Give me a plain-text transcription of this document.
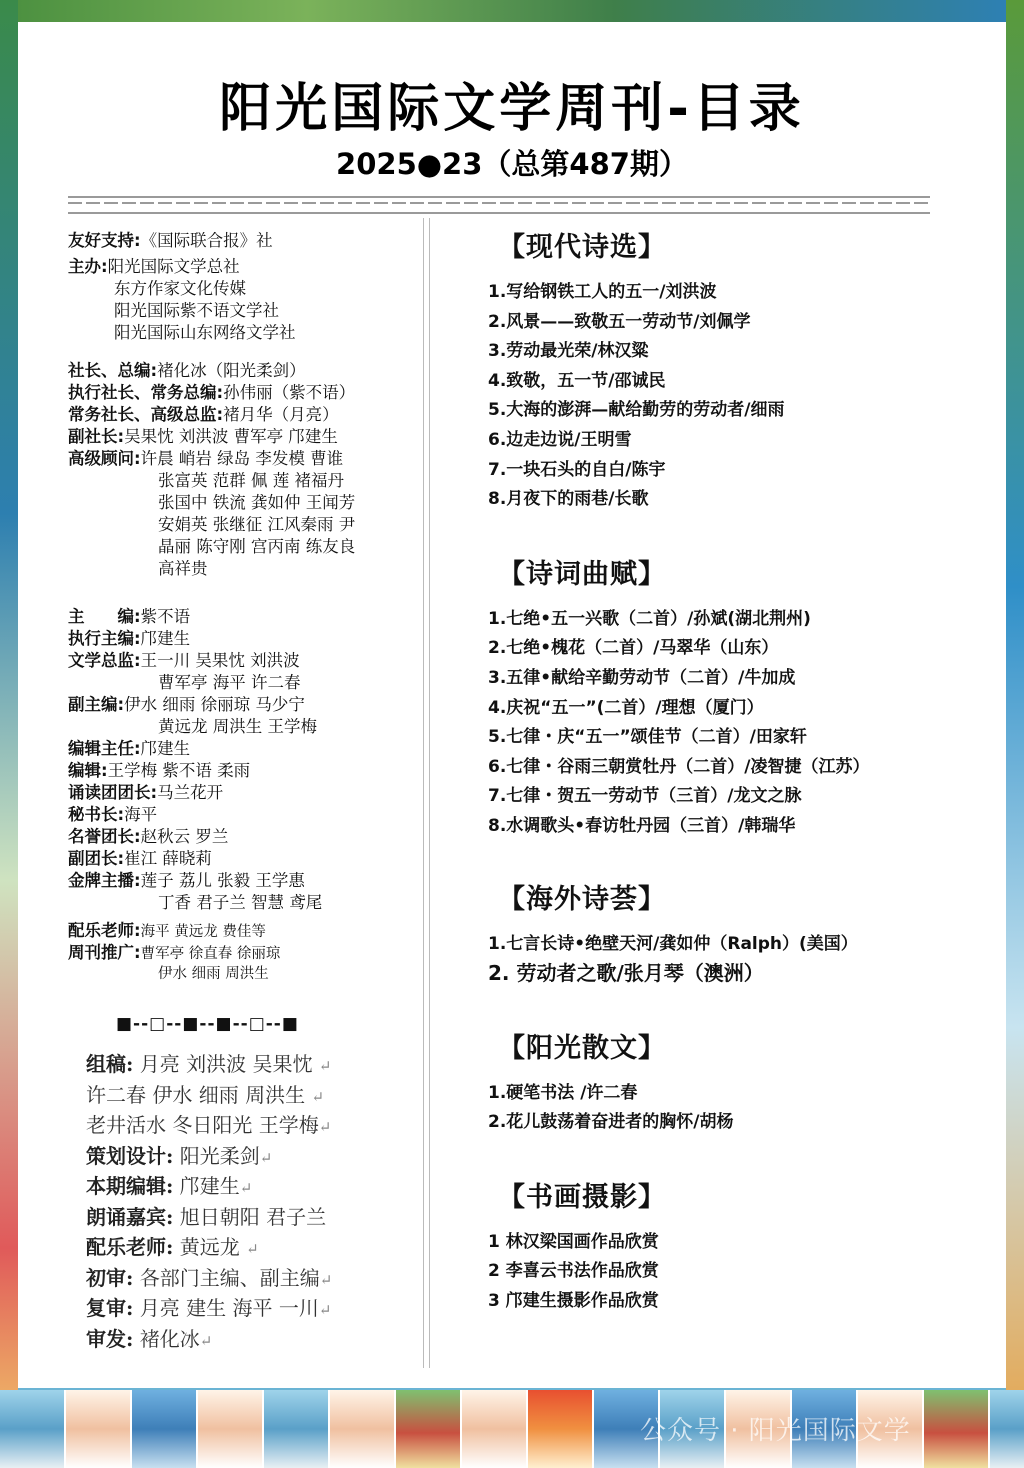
阳光国际文学周刊-目录
2025●23（总第487期）
友好支持:《国际联合报》社
主办:阳光国际文学总社
东方作家文化传媒
阳光国际紫不语文学社
阳光国际山东网络文学社
社长、总编:褚化冰（阳光柔剑）
执行社长、常务总编:孙伟丽（紫不语）
常务社长、高级总监:褚月华（月亮）
副社长:吴果忱 刘洪波 曹军亭 邝建生
高级顾问:许晨 峭岩 绿岛 李发模 曹谁
张富英 范群 佩 莲 褚福丹
张国中 铁流 龚如仲 王闻芳
安娟英 张继征 江风秦雨 尹
晶丽 陈守刚 宫丙南 练友良
高祥贵
主　　编:紫不语
执行主编:邝建生
文学总监:王一川 吴果忱 刘洪波
曹军亭 海平 许二春
副主编:伊水 细雨 徐丽琼 马少宁
黄远龙 周洪生 王学梅
编辑主任:邝建生
编辑:王学梅 紫不语 柔雨
诵读团团长:马兰花开
秘书长:海平
名誉团长:赵秋云 罗兰
副团长:崔江 薛晓莉
金牌主播:莲子 荔儿 张毅 王学惠
丁香 君子兰 智慧 鸢尾
配乐老师:海平 黄远龙 费佳等
周刊推广:曹军亭 徐直春 徐丽琼
伊水 细雨 周洪生
■--□--■--■--□--■
组稿: 月亮 刘洪波 吴果忱 ↵
许二春 伊水 细雨 周洪生 ↵
老井活水 冬日阳光 王学梅↵
策划设计: 阳光柔剑↵
本期编辑: 邝建生↵
朗诵嘉宾: 旭日朝阳 君子兰
配乐老师: 黄远龙 ↵
初审: 各部门主编、副主编↵
复审: 月亮 建生 海平 一川↵
审发: 褚化冰↵
【现代诗选】
1.写给钢铁工人的五一/刘洪波
2.风景——致敬五一劳动节/刘佩学
3.劳动最光荣/林汉粱
4.致敬，五一节/邵诚民
5.大海的澎湃—献给勤劳的劳动者/细雨
6.边走边说/王明雪
7.一块石头的自白/陈宇
8.月夜下的雨巷/长歌
【诗词曲赋】
1.七绝•五一兴歌（二首）/孙斌(湖北荆州)
2.七绝•槐花（二首）/马翠华（山东）
3.五律•献给辛勤劳动节（二首）/牛加成
4.庆祝“五一”(二首）/理想（厦门）
5.七律・庆“五一”颂佳节（二首）/田家轩
6.七律・谷雨三朝赏牡丹（二首）/凌智捷（江苏）
7.七律・贺五一劳动节（三首）/龙文之脉
8.水调歌头•春访牡丹园（三首）/韩瑞华
【海外诗荟】
1.七言长诗•绝壁天河/龚如仲（Ralph）(美国）
2. 劳动者之歌/张月琴（澳洲）
【阳光散文】
1.硬笔书法 /许二春
2.花儿鼓荡着奋进者的胸怀/胡杨
【书画摄影】
1 林汉梁国画作品欣赏
2 李喜云书法作品欣赏
3 邝建生摄影作品欣赏
公众号 · 阳光国际文学
